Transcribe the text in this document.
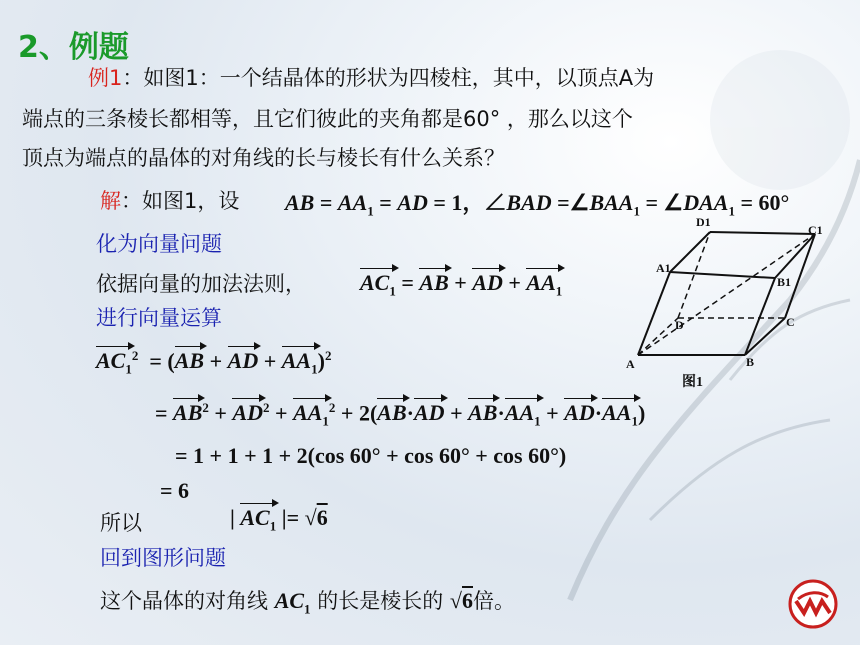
2、例题
例1：如图1：一个结晶体的形状为四棱柱，其中，以顶点A为
端点的三条棱长都相等，且它们彼此的夹角都是60° ，那么以这个
顶点为端点的晶体的对角线的长与棱长有什么关系？
解：如图1，设 AB = $AA_1$ = AD = 1，∠BAD $=\angle BAA_1$ = $\angle DAA_1 = 60^\circ$
化为向量问题
依据向量的加法法则， $AC_1$ = AB + AD + $AA_1$
进行向量运算
$AC_1^2 = (AB$ + AD + $AA_1)^2$
= $AB^2 + AD^2 + AA_1^2 + 2(AB\cdot AD + AB\cdot AA_1 + AD\cdot AA_1)$
= 1 + 1 + 1 + 2(cos 60° + cos 60° + cos 60°)
= 6
所以	| $AC_1$ |= √6
回到图形问题
这个晶体的对角线 $AC_1$ 的长是棱长的 √6倍。
A	B
C
D
A1
B1
C1
D1
图1
